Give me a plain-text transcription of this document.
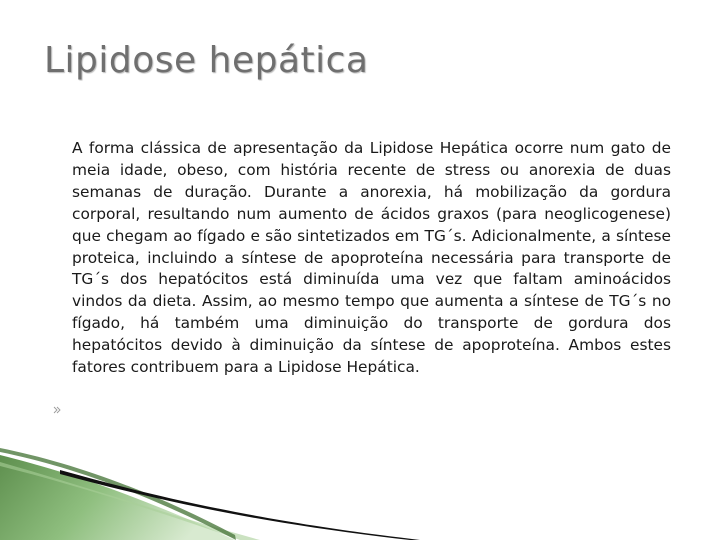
Lipidose hepática

A forma clássica de apresentação da Lipidose Hepática ocorre num gato de meia idade, obeso, com história recente de stress ou anorexia de duas semanas de duração. Durante a anorexia, há mobilização da gordura corporal, resultando num aumento de ácidos graxos (para neoglicogenese) que chegam ao fígado e são sintetizados em TG´s. Adicionalmente, a síntese proteica, incluindo a síntese de apoproteína necessária para transporte de TG´s dos hepatócitos está diminuída uma vez que faltam aminoácidos vindos da dieta. Assim, ao mesmo tempo que aumenta a síntese de TG´s no fígado, há também uma diminuição do transporte de gordura dos hepatócitos devido à diminuição da síntese de apoproteína. Ambos estes fatores contribuem para a Lipidose Hepática.
